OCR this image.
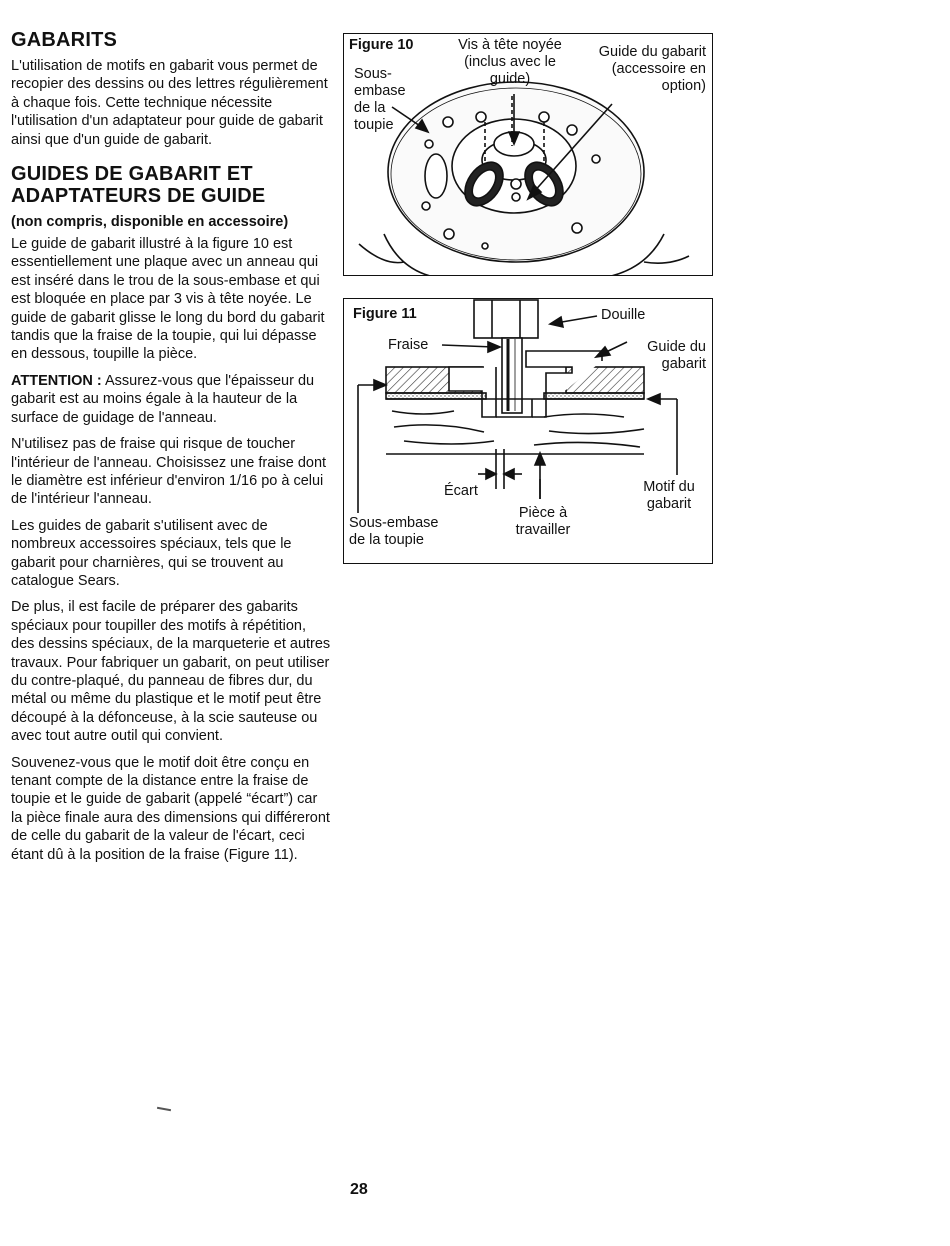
GABARITS
L'utilisation de motifs en gabarit vous permet de recopier des dessins ou des lettres régulièrement à chaque fois. Cette technique nécessite l'utilisation d'un adaptateur pour guide de gabarit ainsi que d'un guide de gabarit.
GUIDES DE GABARIT ET ADAPTATEURS DE GUIDE
(non compris, disponible en accessoire)
Le guide de gabarit illustré à la figure 10 est essentiellement une plaque avec un anneau qui est inséré dans le trou de la sous-embase et qui est bloquée en place par 3 vis à tête noyée. Le guide de gabarit glisse le long du bord du gabarit tandis que la fraise de la toupie, qui lui dépasse en dessous, toupille la pièce.
ATTENTION : Assurez-vous que l'épaisseur du gabarit est au moins égale à la hauteur de la surface de guidage de l'anneau.
N'utilisez pas de fraise qui risque de toucher l'intérieur de l'anneau. Choisissez une fraise dont le diamètre est inférieur d'environ 1/16 po à celui de l'intérieur l'anneau.
Les guides de gabarit s'utilisent avec de nombreux accessoires spéciaux, tels que le gabarit pour charnières, qui se trouvent au catalogue Sears.
De plus, il est facile de préparer des gabarits spéciaux pour toupiller des motifs à répétition, des dessins spéciaux, de la marqueterie et autres travaux. Pour fabriquer un gabarit, on peut utiliser du contre-plaqué, du panneau de fibres dur, du métal ou même du plastique et le motif peut être découpé à la défonceuse, à la scie sauteuse ou avec tout autre outil qui convient.
Souvenez-vous que le motif doit être conçu en tenant compte de la distance entre la fraise de toupie et le guide de gabarit (appelé “écart”) car la pièce finale aura des dimensions qui différeront de celle du gabarit de la valeur de l'écart, ceci étant dû à la position de la fraise (Figure 11).
Figure 10
Sous-
embase
de la
toupie
Vis à tête noyée
(inclus avec le
guide)
Guide du gabarit
(accessoire en
option)
Figure 11
Fraise
Douille
Guide du
gabarit
Écart
Pièce à
travailler
Motif du
gabarit
Sous-embase
de la toupie
28
